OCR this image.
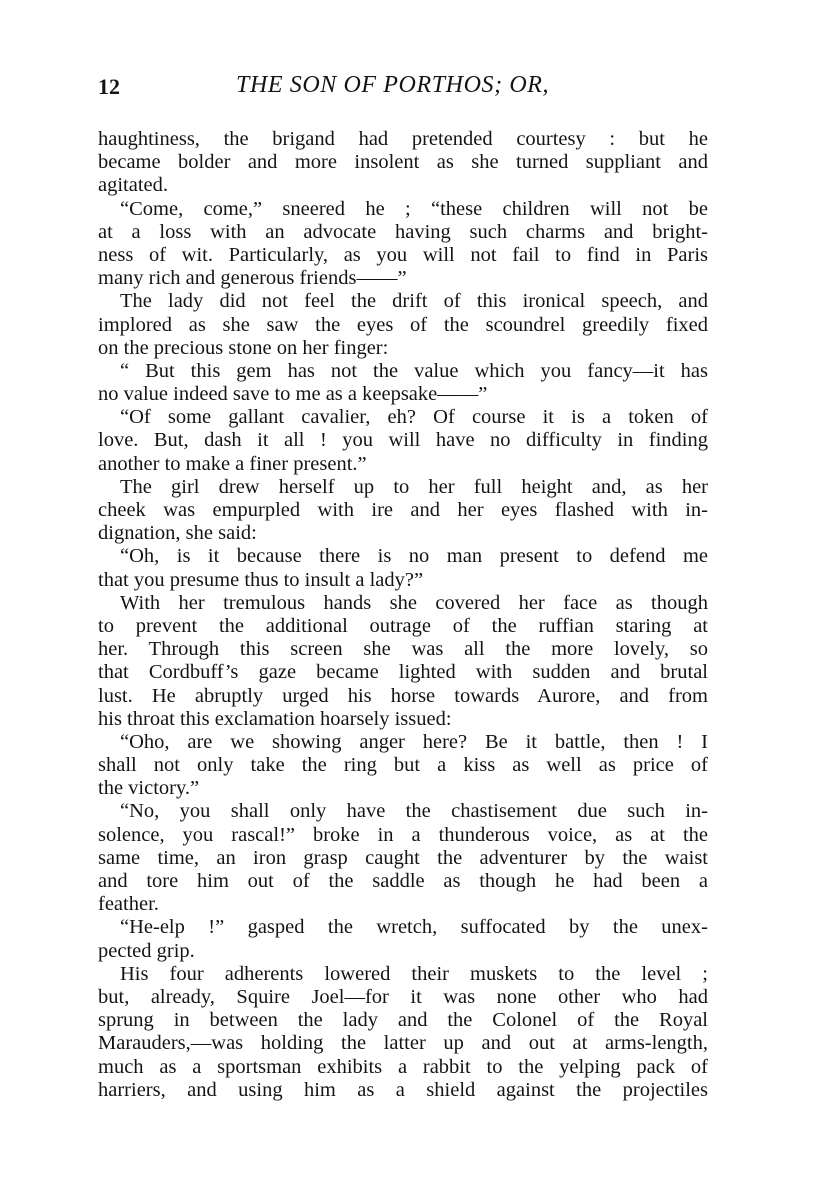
12	THE SON OF PORTHOS; OR,
haughtiness, the brigand had pretended courtesy : but he
became bolder and more insolent as she turned suppliant and
agitated.
“Come, come,” sneered he ; “these children will not be
at a loss with an advocate having such charms and bright-
ness of wit. Particularly, as you will not fail to find in Paris
many rich and generous friends——”
The lady did not feel the drift of this ironical speech, and
implored as she saw the eyes of the scoundrel greedily fixed
on the precious stone on her finger:
“ But this gem has not the value which you fancy—it has
no value indeed save to me as a keepsake——”
“Of some gallant cavalier, eh? Of course it is a token of
love. But, dash it all ! you will have no difficulty in finding
another to make a finer present.”
The girl drew herself up to her full height and, as her
cheek was empurpled with ire and her eyes flashed with in-
dignation, she said:
“Oh, is it because there is no man present to defend me
that you presume thus to insult a lady?”
With her tremulous hands she covered her face as though
to prevent the additional outrage of the ruffian staring at
her. Through this screen she was all the more lovely, so
that Cordbuff’s gaze became lighted with sudden and brutal
lust. He abruptly urged his horse towards Aurore, and from
his throat this exclamation hoarsely issued:
“Oho, are we showing anger here? Be it battle, then ! I
shall not only take the ring but a kiss as well as price of
the victory.”
“No, you shall only have the chastisement due such in-
solence, you rascal!” broke in a thunderous voice, as at the
same time, an iron grasp caught the adventurer by the waist
and tore him out of the saddle as though he had been a
feather.
“He-elp !” gasped the wretch, suffocated by the unex-
pected grip.
His four adherents lowered their muskets to the level ;
but, already, Squire Joel—for it was none other who had
sprung in between the lady and the Colonel of the Royal
Marauders,—was holding the latter up and out at arms-length,
much as a sportsman exhibits a rabbit to the yelping pack of
harriers, and using him as a shield against the projectiles
